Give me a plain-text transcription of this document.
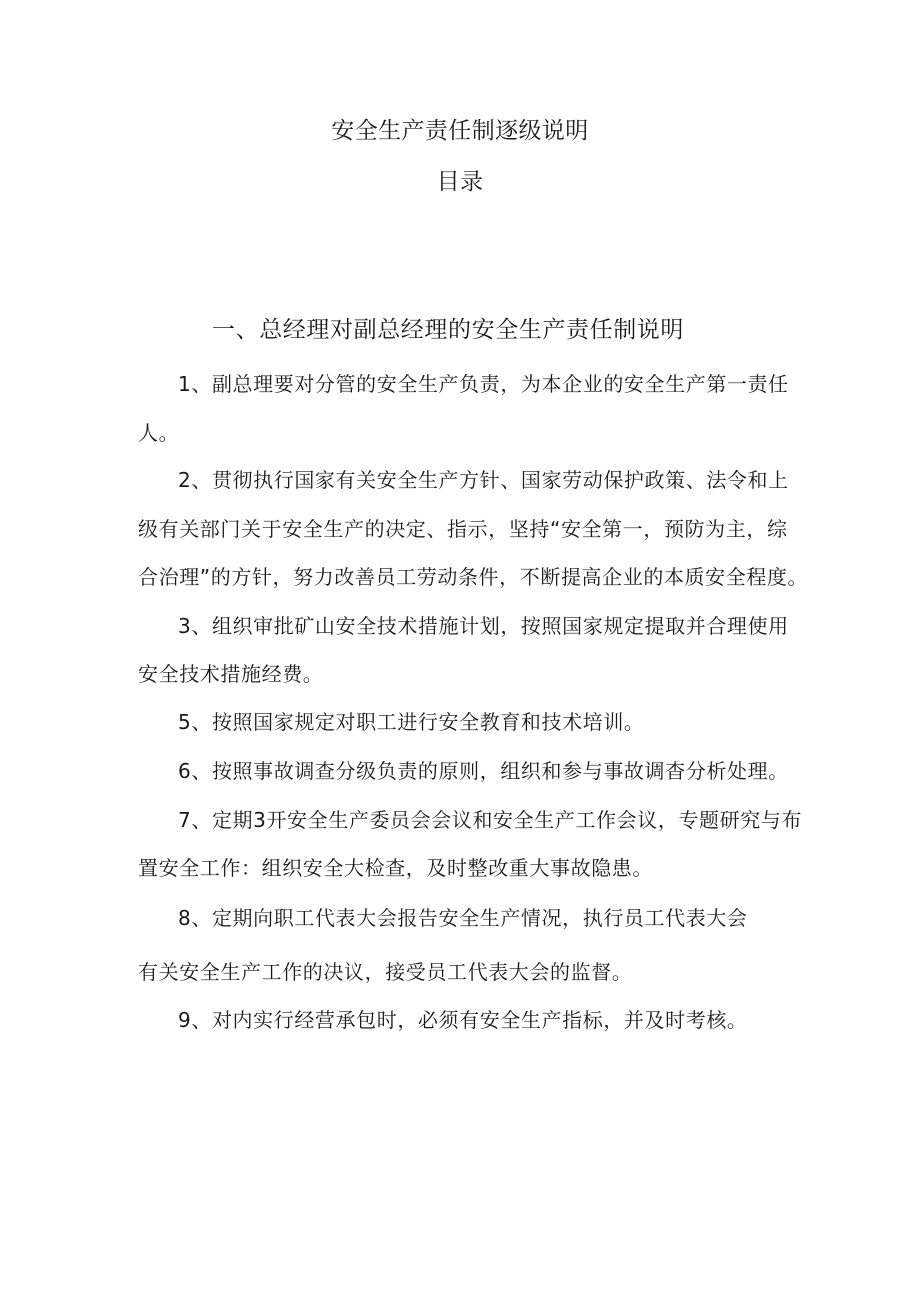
安全生产责任制逐级说明
目录
一、总经理对副总经理的安全生产责任制说明
1、副总理要对分管的安全生产负责，为本企业的安全生产第一责任
人。
2、贯彻执行国家有关安全生产方针、国家劳动保护政策、法令和上
级有关部门关于安全生产的决定、指示，坚持“安全第一，预防为主，综
合治理”的方针，努力改善员工劳动条件，不断提高企业的本质安全程度。
3、组织审批矿山安全技术措施计划，按照国家规定提取并合理使用
安全技术措施经费。
5、按照国家规定对职工进行安全教育和技术培训。
6、按照事故调查分级负责的原则，组织和参与事故调杳分析处理。
7、定期3开安全生产委员会会议和安全生产工作会议，专题研究与布
置安全工作：组织安全大检查，及时整改重大事故隐患。
8、定期向职工代表大会报告安全生产情况，执行员工代表大会
有关安全生产工作的决议，接受员工代表大会的监督。
9、对内实行经营承包时，必须有安全生产指标，并及时考核。
